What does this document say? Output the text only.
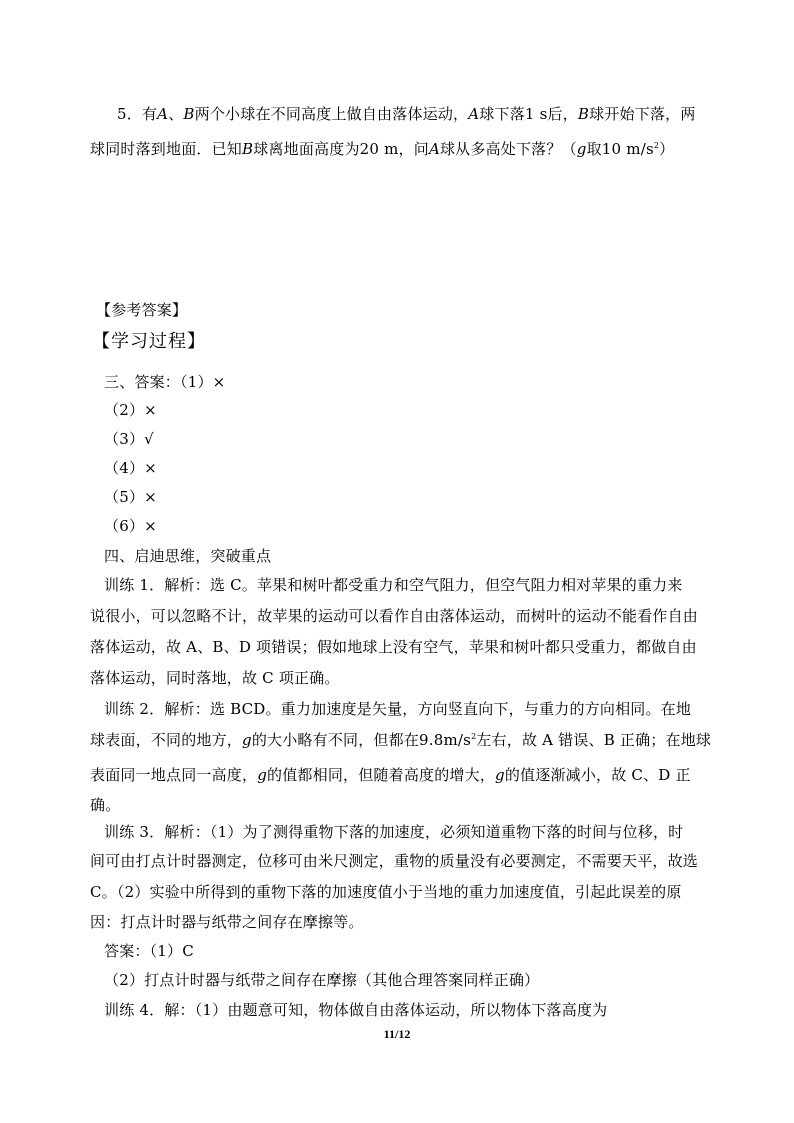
5．有A、B两个小球在不同高度上做自由落体运动，A球下落1 s后，B球开始下落，两
球同时落到地面．已知B球离地面高度为20 m，问A球从多高处下落？（g取10 $m/s^2$）
【参考答案】
【学习过程】
三、答案：（1）×
（2）×
（3）√
（4）×
（5）×
（6）×
四、启迪思维，突破重点
训练 1．解析：选 C。苹果和树叶都受重力和空气阻力，但空气阻力相对苹果的重力来
说很小，可以忽略不计，故苹果的运动可以看作自由落体运动，而树叶的运动不能看作自由
落体运动，故 A、B、D 项错误；假如地球上没有空气，苹果和树叶都只受重力，都做自由
落体运动，同时落地，故 C 项正确。
训练 2．解析：选 BCD。重力加速度是矢量，方向竖直向下，与重力的方向相同。在地
球表面，不同的地方，g的大小略有不同，但都在$9.8m/s^2$左右，故 A 错误、B 正确；在地球
表面同一地点同一高度，g的值都相同，但随着高度的增大，g的值逐渐减小，故 C、D 正
确。
训练 3．解析：（1）为了测得重物下落的加速度，必须知道重物下落的时间与位移，时
间可由打点计时器测定，位移可由米尺测定，重物的质量没有必要测定，不需要天平，故选
C。（2）实验中所得到的重物下落的加速度值小于当地的重力加速度值，引起此误差的原
因：打点计时器与纸带之间存在摩擦等。
答案：（1）C
（2）打点计时器与纸带之间存在摩擦（其他合理答案同样正确）
训练 4．解：（1）由题意可知，物体做自由落体运动，所以物体下落高度为
11/12
